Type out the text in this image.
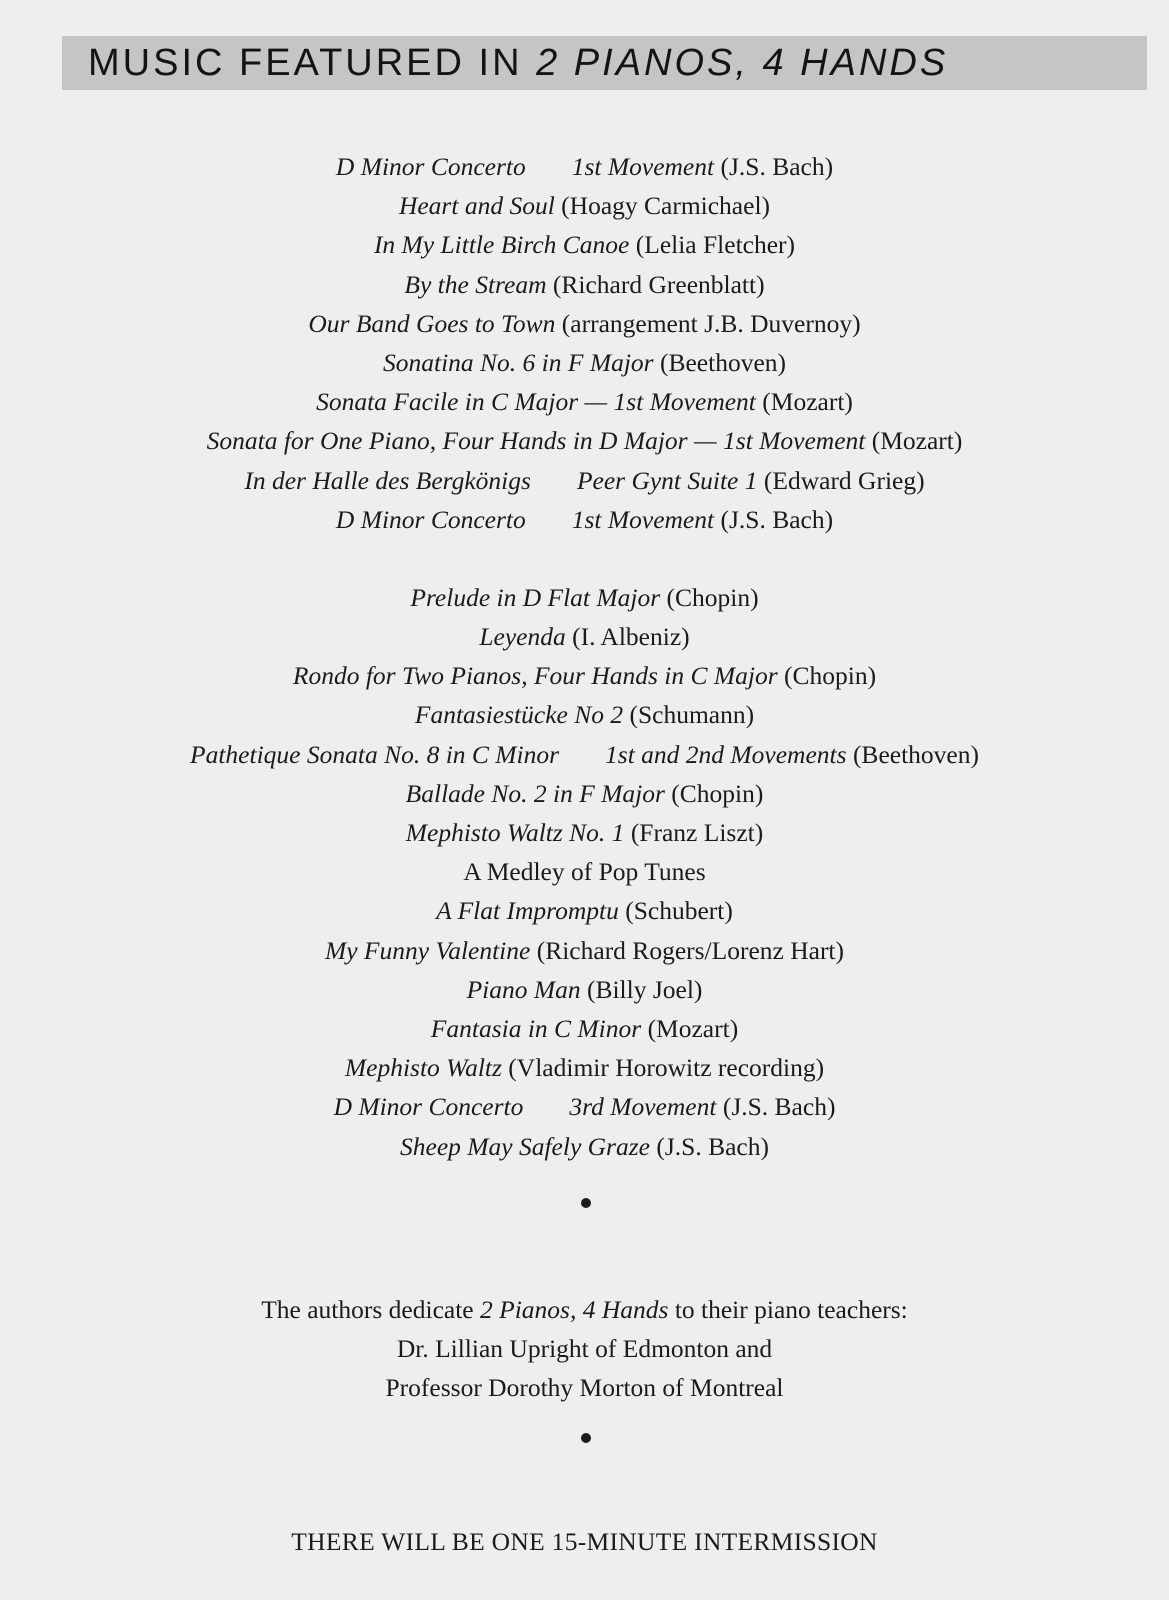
MUSIC FEATURED IN 2 PIANOS, 4 HANDS
D Minor Concerto 1st Movement (J.S. Bach)
Heart and Soul (Hoagy Carmichael)
In My Little Birch Canoe (Lelia Fletcher)
By the Stream (Richard Greenblatt)
Our Band Goes to Town (arrangement J.B. Duvernoy)
Sonatina No. 6 in F Major (Beethoven)
Sonata Facile in C Major — 1st Movement (Mozart)
Sonata for One Piano, Four Hands in D Major — 1st Movement (Mozart)
In der Halle des Bergkönigs Peer Gynt Suite 1 (Edward Grieg)
D Minor Concerto 1st Movement (J.S. Bach)
Prelude in D Flat Major (Chopin)
Leyenda (I. Albeniz)
Rondo for Two Pianos, Four Hands in C Major (Chopin)
Fantasiestücke No 2 (Schumann)
Pathetique Sonata No. 8 in C Minor 1st and 2nd Movements (Beethoven)
Ballade No. 2 in F Major (Chopin)
Mephisto Waltz No. 1 (Franz Liszt)
A Medley of Pop Tunes
A Flat Impromptu (Schubert)
My Funny Valentine (Richard Rogers/Lorenz Hart)
Piano Man (Billy Joel)
Fantasia in C Minor (Mozart)
Mephisto Waltz (Vladimir Horowitz recording)
D Minor Concerto 3rd Movement (J.S. Bach)
Sheep May Safely Graze (J.S. Bach)
The authors dedicate 2 Pianos, 4 Hands to their piano teachers:
Dr. Lillian Upright of Edmonton and
Professor Dorothy Morton of Montreal
THERE WILL BE ONE 15-MINUTE INTERMISSION
